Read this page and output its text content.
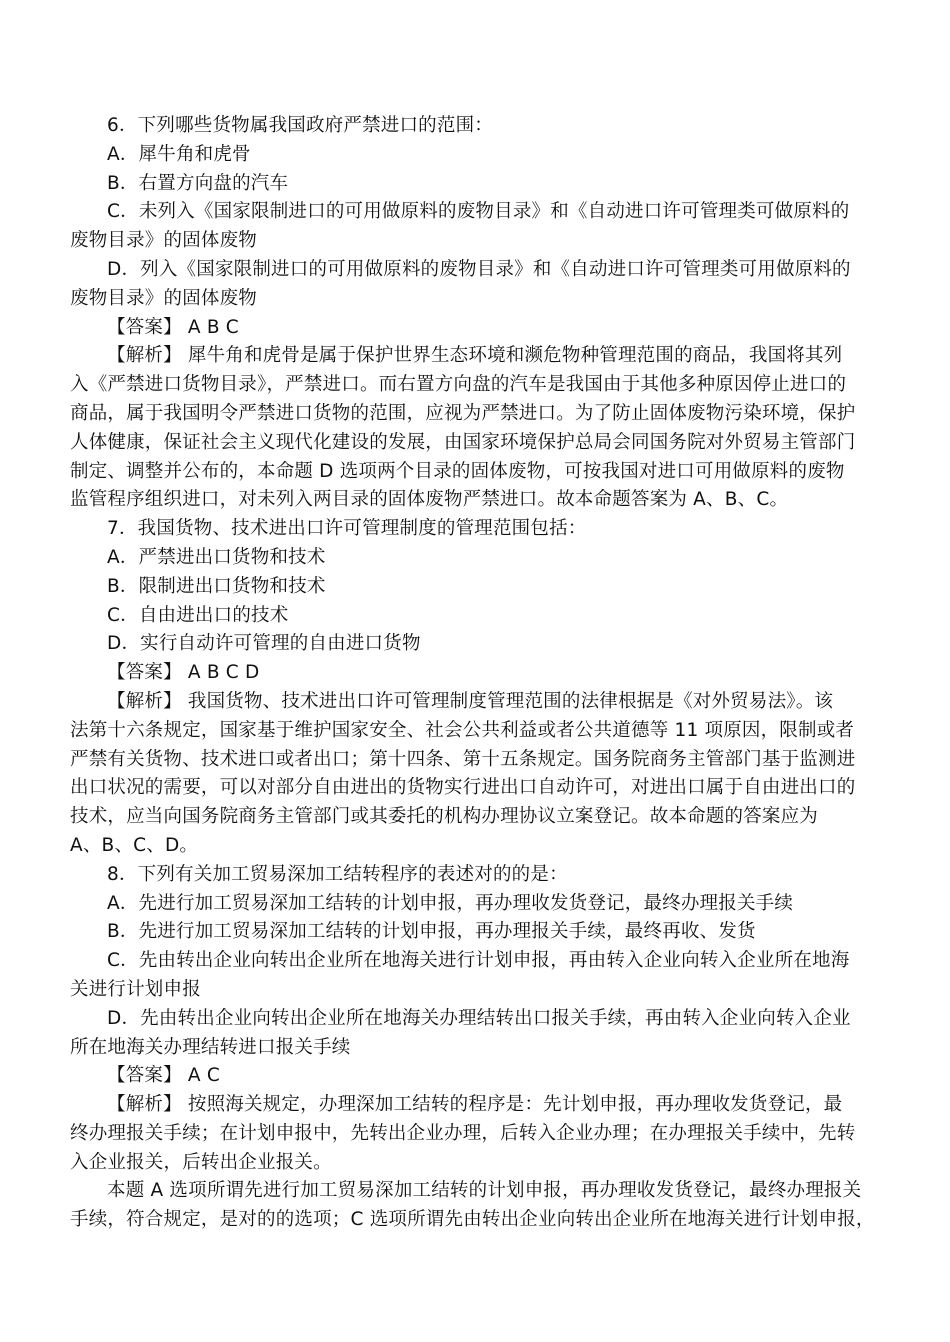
6．下列哪些货物属我国政府严禁进口的范围：
A．犀牛角和虎骨
B．右置方向盘的汽车
C．未列入《国家限制进口的可用做原料的废物目录》和《自动进口许可管理类可做原料的
废物目录》的固体废物
D．列入《国家限制进口的可用做原料的废物目录》和《自动进口许可管理类可用做原料的
废物目录》的固体废物
【答案】 A B C
【解析】 犀牛角和虎骨是属于保护世界生态环境和濒危物种管理范围的商品，我国将其列
入《严禁进口货物目录》，严禁进口。而右置方向盘的汽车是我国由于其他多种原因停止进口的
商品，属于我国明令严禁进口货物的范围，应视为严禁进口。为了防止固体废物污染环境，保护
人体健康，保证社会主义现代化建设的发展，由国家环境保护总局会同国务院对外贸易主管部门
制定、调整并公布的，本命题 D 选项两个目录的固体废物，可按我国对进口可用做原料的废物
监管程序组织进口，对未列入两目录的固体废物严禁进口。故本命题答案为 A、B、C。
7．我国货物、技术进出口许可管理制度的管理范围包括：
A．严禁进出口货物和技术
B．限制进出口货物和技术
C．自由进出口的技术
D．实行自动许可管理的自由进口货物
【答案】 A B C D
【解析】 我国货物、技术进出口许可管理制度管理范围的法律根据是《对外贸易法》。该
法第十六条规定，国家基于维护国家安全、社会公共利益或者公共道德等 11 项原因，限制或者
严禁有关货物、技术进口或者出口；第十四条、第十五条规定。国务院商务主管部门基于监测进
出口状况的需要，可以对部分自由进出的货物实行进出口自动许可，对进出口属于自由进出口的
技术，应当向国务院商务主管部门或其委托的机构办理协议立案登记。故本命题的答案应为
A、B、C、D。
8．下列有关加工贸易深加工结转程序的表述对的的是：
A．先进行加工贸易深加工结转的计划申报，再办理收发货登记，最终办理报关手续
B．先进行加工贸易深加工结转的计划申报，再办理报关手续，最终再收、发货
C．先由转出企业向转出企业所在地海关进行计划申报，再由转入企业向转入企业所在地海
关进行计划申报
D．先由转出企业向转出企业所在地海关办理结转出口报关手续，再由转入企业向转入企业
所在地海关办理结转进口报关手续
【答案】 A C
【解析】 按照海关规定，办理深加工结转的程序是：先计划申报，再办理收发货登记，最
终办理报关手续；在计划申报中，先转出企业办理，后转入企业办理；在办理报关手续中，先转
入企业报关，后转出企业报关。
本题 A 选项所谓先进行加工贸易深加工结转的计划申报，再办理收发货登记，最终办理报关
手续，符合规定，是对的的选项；C 选项所谓先由转出企业向转出企业所在地海关进行计划申报，
